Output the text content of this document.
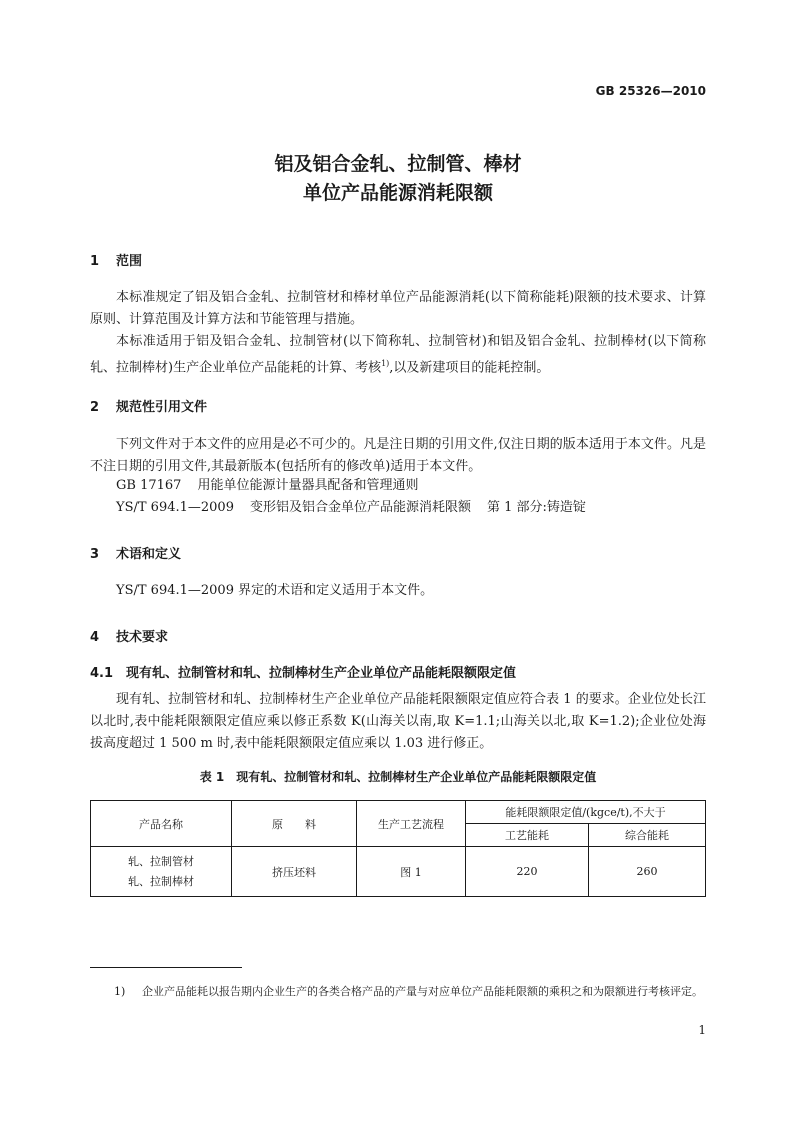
GB 25326—2010
铝及铝合金轧、拉制管、棒材
单位产品能源消耗限额
1 范围
本标准规定了铝及铝合金轧、拉制管材和棒材单位产品能源消耗(以下简称能耗)限额的技术要求、计算原则、计算范围及计算方法和节能管理与措施。
本标准适用于铝及铝合金轧、拉制管材(以下简称轧、拉制管材)和铝及铝合金轧、拉制棒材(以下简称轧、拉制棒材)生产企业单位产品能耗的计算、考核$^{1)}$,以及新建项目的能耗控制。
2 规范性引用文件
下列文件对于本文件的应用是必不可少的。凡是注日期的引用文件,仅注日期的版本适用于本文件。凡是不注日期的引用文件,其最新版本(包括所有的修改单)适用于本文件。
GB 17167 用能单位能源计量器具配备和管理通则
YS/T 694.1—2009 变形铝及铝合金单位产品能源消耗限额 第 1 部分:铸造锭
3 术语和定义
YS/T 694.1—2009 界定的术语和定义适用于本文件。
4 技术要求
4.1 现有轧、拉制管材和轧、拉制棒材生产企业单位产品能耗限额限定值
现有轧、拉制管材和轧、拉制棒材生产企业单位产品能耗限额限定值应符合表 1 的要求。企业位处长江以北时,表中能耗限额限定值应乘以修正系数 K(山海关以南,取 K=1.1;山海关以北,取 K=1.2);企业位处海拔高度超过 1 500 m 时,表中能耗限额限定值应乘以 1.03 进行修正。
表 1　现有轧、拉制管材和轧、拉制棒材生产企业单位产品能耗限额限定值
产品名称	原　　料	生产工艺流程	能耗限额限定值/(kgce/t),不大于	
			工艺能耗	综合能耗

轧、拉制管材
轧、拉制棒材	挤压坯料	图 1	220	260
1)	企业产品能耗以报告期内企业生产的各类合格产品的产量与对应单位产品能耗限额的乘积之和为限额进行考核评定。
1
